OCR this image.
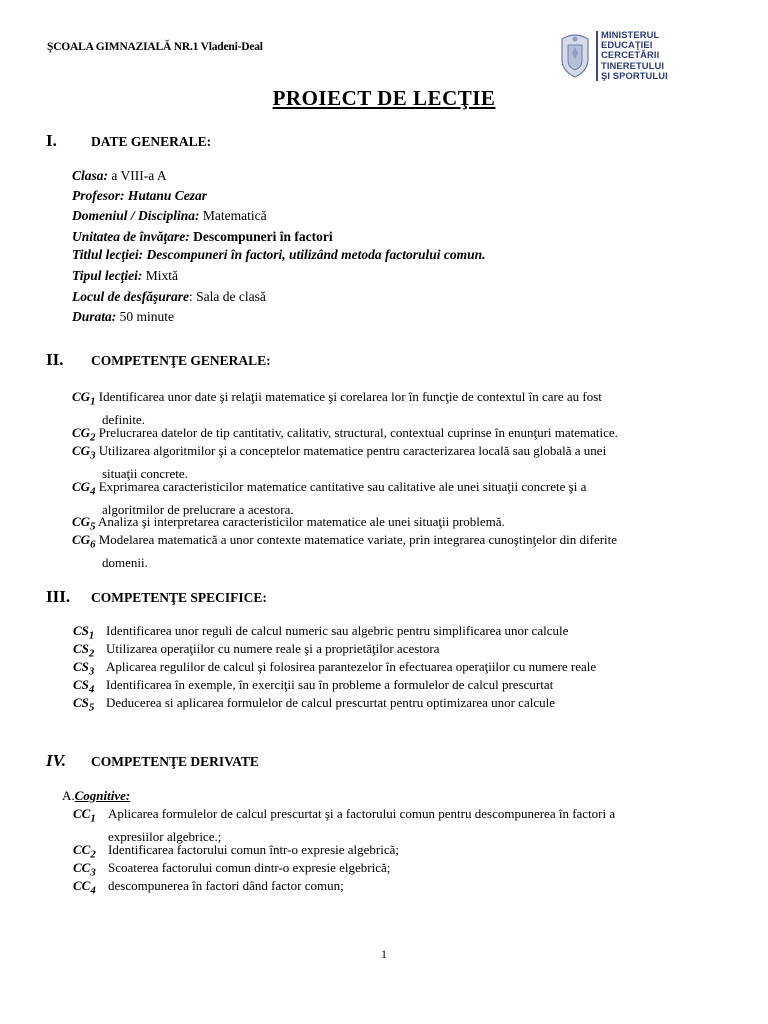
ŞCOALA GIMNAZIALĂ NR.1 Vladeni-Deal
MINISTERUL
EDUCAŢIEI
CERCETĂRII
TINERETULUI
ŞI SPORTULUI
PROIECT DE LECŢIE
I.	DATE GENERALE:
Clasa: a VIII-a A
Profesor: Hutanu Cezar
Domeniul / Disciplina: Matematică
Unitatea de învăţare: Descompuneri în factori
Titlul lecţiei: Descompuneri în factori, utilizând metoda factorului comun.
Tipul lecţiei: Mixtă
Locul de desfăşurare: Sala de clasă
Durata: 50 minute
II.	COMPETENŢE GENERALE:
$CG_1$ Identificarea unor date şi relaţii matematice şi corelarea lor în funcţie de contextul în care au fost
definite.
$CG_2$ Prelucrarea datelor de tip cantitativ, calitativ, structural, contextual cuprinse în enunţuri matematice.
$CG_3$ Utilizarea algoritmilor şi a conceptelor matematice pentru caracterizarea locală sau globală a unei
situaţii concrete.
$CG_4$ Exprimarea caracteristicilor matematice cantitative sau calitative ale unei situaţii concrete şi a
algoritmilor de prelucrare a acestora.
$CG_5$ Analiza şi interpretarea caracteristicilor matematice ale unei situaţii problemă.
$CG_6$ Modelarea matematică a unor contexte matematice variate, prin integrarea cunoştinţelor din diferite
domenii.
III.	COMPETENŢE SPECIFICE:
$CS_1$ Identificarea unor reguli de calcul numeric sau algebric pentru simplificarea unor calcule
$CS_2$ Utilizarea operaţiilor cu numere reale şi a proprietăţilor acestora
$CS_3$ Aplicarea regulilor de calcul şi folosirea parantezelor în efectuarea operaţiilor cu numere reale
$CS_4$ Identificarea în exemple, în exerciţii sau în probleme a formulelor de calcul prescurtat
$CS_5$ Deducerea si aplicarea formulelor de calcul prescurtat pentru optimizarea unor calcule
IV.	COMPETENŢE DERIVATE
A.Cognitive:
$CC_1$ Aplicarea formulelor de calcul prescurtat şi a factorului comun pentru descompunerea în factori a
expresiilor algebrice.;
$CC_2$ Identificarea factorului comun într-o expresie algebrică;
$CC_3$ Scoaterea factorului comun dintr-o expresie elgebrică;
$CC_4$ descompunerea în factori dând factor comun;
1
